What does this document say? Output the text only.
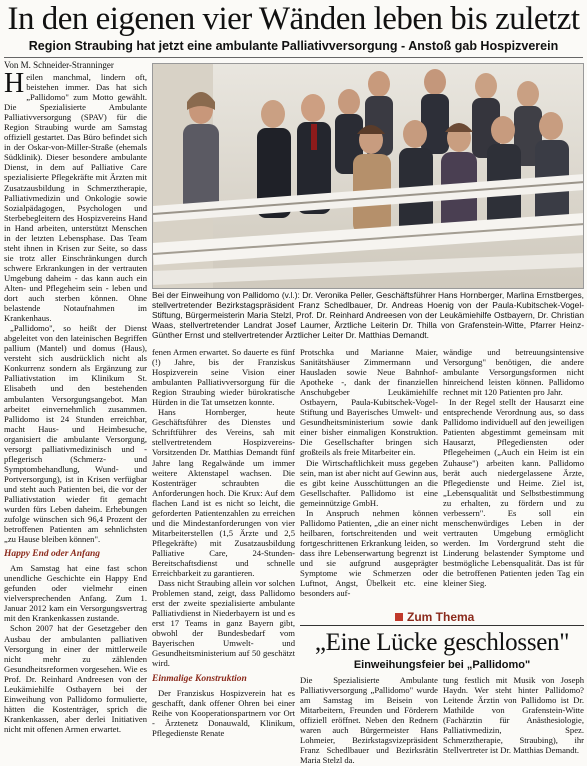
In den eigenen vier Wänden leben bis zuletzt
Region Straubing hat jetzt eine ambulante Palliativversorgung - Anstoß gab Hospizverein
Von M. Schneider-Stranninger

Heilen manchmal, lindern oft, beistehen immer. Das hat sich „Pallidomo" zum Motto gewählt. Die Spezialisierte Ambulante Palliativversorgung (SPAV) für die Region Straubing wurde am Samstag offiziell gestartet. Das Büro befindet sich in der Oskar-von-Miller-Straße (ehemals Südklinik). Dieser besondere ambulante Dienst, in dem auf Palliative Care spezialisierte Pflegekräfte mit Ärzten mit Zusatzausbildung in Schmerztherapie, Palliativmedizin und Onkologie sowie Sozialpädagogen, Psychologen und Sterbebegleitern des Hospizvereins Hand in Hand arbeiten, unterstützt Menschen in der letzten Lebensphase. Das Team steht ihnen in Krisen zur Seite, so dass sie trotz aller Einschränkungen durch schwere Erkrankungen in der vertrauten Umgebung daheim - das kann auch ein Alten- und Pflegeheim sein - leben und dort auch sterben können. Ohne belastende Notaufnahmen im Krankenhaus.

„Pallidomo", so heißt der Dienst abgeleitet von den lateinischen Begriffen pallium (Mantel) und domus (Haus), versteht sich ausdrücklich nicht als Konkurrenz sondern als Ergänzung zur Palliativstation im Klinikum St. Elisabeth und den bestehenden ambulanten Versorgungsangebot. Man arbeitet einvernehmlich zusammen. Pallidomo ist 24 Stunden erreichbar, macht Haus- und Heimbesuche, organisiert die ambulante Versorgung, versorgt palliativmedizinisch und -pflegerisch (Schmerz- und Symptombehandlung, Wund- und Portversorgung), ist in Krisen verfügbar und steht auch Patienten bei, die vor der Palliativstation wieder fit gemacht wurden fürs Leben daheim. Erhebungen zufolge wünschen sich 96,4 Prozent der betroffenen Patienten am sehnlichsten „zu Hause bleiben können".

Happy End oder Anfang

Am Samstag hat eine fast schon unendliche Geschichte ein Happy End gefunden oder vielmehr einen vielversprechenden Anfang. Zum 1. Januar 2012 kam ein Versorgungsvertrag mit den Krankenkassen zustande.

Schon 2007 hat der Gesetzgeber den Ausbau der ambulanten palliativen Versorgung in einer der mittlerweile nicht mehr zu zählenden Gesundheitsreformen vorgesehen. Wie es Prof. Dr. Reinhard Andreesen von der Leukämiehilfe Ostbayern bei der Einweihung von Pallidomo formulierte, hätten die Kostenträger, sprich die Krankenkassen, aber derlei Initiativen nicht mit offenen Armen erwartet.

Bei der Einweihung von Pallidomo (v.l.): Dr. Veronika Peller, Geschäftsführer Hans Hornberger, Marlina Ernstberges, stellvertretender Bezirkstagspräsident Franz Schedlbauer, Dr. Andreas Hoenig von der Paula-Kubitschek-Vogel-Stiftung, Bürgermeisterin Maria Stelzl, Prof. Dr. Reinhard Andreesen von der Leukämiehilfe Ostbayern, Dr. Christian Waas, stellvertretender Landrat Josef Laumer, Ärztliche Leiterin Dr. Thilla von Grafenstein-Witte, Pfarrer Heinz-Günther Ernst und stellvertretender Ärztlicher Leiter Dr. Matthias Demandt.

fenen Armen erwartet. So dauerte es fünf (!) Jahre, bis der Franziskus Hospizverein seine Vision einer ambulanten Palliativversorgung für die Region Straubing wieder bürokratische Hürden in die Tat umsetzen konnte.

Hans Hornberger, heute Geschäftsführer des Dienstes und Schriftführer des Vereins, sah mit stellvertretendem Hospizvereins-Vorsitzenden Dr. Matthias Demandt fünf Jahre lang Regalwände um immer weitere Aktenstapel wachsen. Die Kostenträger schraubten die Anforderungen hoch. Die Krux: Auf dem flachen Land ist es nicht so leicht, die geforderten Patientenzahlen zu erreichen und die Mindestanforderungen von vier Mitarbeiterstellen (1,5 Ärzte und 2,5 Pflegekräfte) mit Zusatzausbildung Palliative Care, 24-Stunden-Bereitschaftsdienst und schnelle Erreichbarkeit zu garantieren.

Dass nicht Straubing allein vor solchen Problemen stand, zeigt, dass Pallidomo erst der zweite spezialisierte ambulante Palliativdienst in Niederbayern ist und es erst 17 Teams in ganz Bayern gibt, obwohl der Bundesbedarf vom Bayerischen Umwelt- und Gesundheitsministerium auf 50 geschätzt wird.

Einmalige Konstruktion

Der Franziskus Hospizverein hat es geschafft, dank offener Ohren bei einer Reihe von Kooperationspartnern vor Ort - Ärztenetz Donauwald, Klinikum, Pflegedienste Renate

Protschka und Marianne Maier, Sanitätshäuser Zimmermann und Hausladen sowie Neue Bahnhof-Apotheke -, dank der finanziellen Anschubgeber Leukämiehilfe Ostbayern, Paula-Kubitschek-Vogel-Stiftung und Bayerisches Umwelt- und Gesundheitsministerium sowie dank einer bisher einmaligen Konstruktion. Die Gesellschafter bringen sich großteils als freie Mitarbeiter ein.

Die Wirtschaftlichkeit muss gegeben sein, man ist aber nicht auf Gewinn aus, es gibt keine Ausschüttungen an die Gesellschafter. Pallidomo ist eine gemeinnützige GmbH.

In Anspruch nehmen können Pallidomo Patienten, „die an einer nicht heilbaren, fortschreitenden und weit fortgeschrittenen Erkrankung leiden, so dass ihre Lebenserwartung begrenzt ist und sie aufgrund ausgeprägter Symptome wie Schmerzen oder Luftnot, Angst, Übelkeit etc. eine besonders auf-

wändige und betreuungsintensive Versorgung" benötigen, die andere ambulante Versorgungsformen nicht hinreichend leisten können. Pallidomo rechnet mit 120 Patienten pro Jahr.

In der Regel stellt der Hausarzt eine entsprechende Verordnung aus, so dass Pallidomo individuell auf den jeweiligen Patienten abgestimmt gemeinsam mit Hausarzt, Pflegediensten oder Pflegeheimen („Auch ein Heim ist ein Zuhause") arbeiten kann. Pallidomo berät auch niedergelassene Ärzte, Pflegedienste und Heime. Ziel ist, „Lebensqualität und Selbstbestimmung zu erhalten, zu fördern und zu verbessern". Es soll ein menschenwürdiges Leben in der vertrauten Umgebung ermöglicht werden. Im Vordergrund steht die Linderung belastender Symptome und bestmögliche Lebensqualität. Das ist für die betroffenen Patienten jeden Tag ein kleiner Sieg.

Zum Thema
„Eine Lücke geschlossen"
Einweihungsfeier bei „Pallidomo"

Die Spezialisierte Ambulante Palliativversorgung „Pallidomo" wurde am Samstag im Beisein von Mitarbeitern, Freunden und Förderern offiziell eröffnet. Neben den Rednern waren auch Bürgermeister Hans Lohmeier, Bezirkstagsvizepräsident Franz Schedlbauer und Bezirksrätin Maria Stelzl da.

tung festlich mit Musik von Joseph Haydn. Wer steht hinter Pallidomo? Leitende Ärztin von Pallidomo ist Dr. Mathilde von Grafenstein-Witte (Fachärztin für Anästhesiologie, Palliativmedizin, Spez. Schmerztherapie, Straubing), ihr Stellvertreter ist Dr. Matthias Demandt.
